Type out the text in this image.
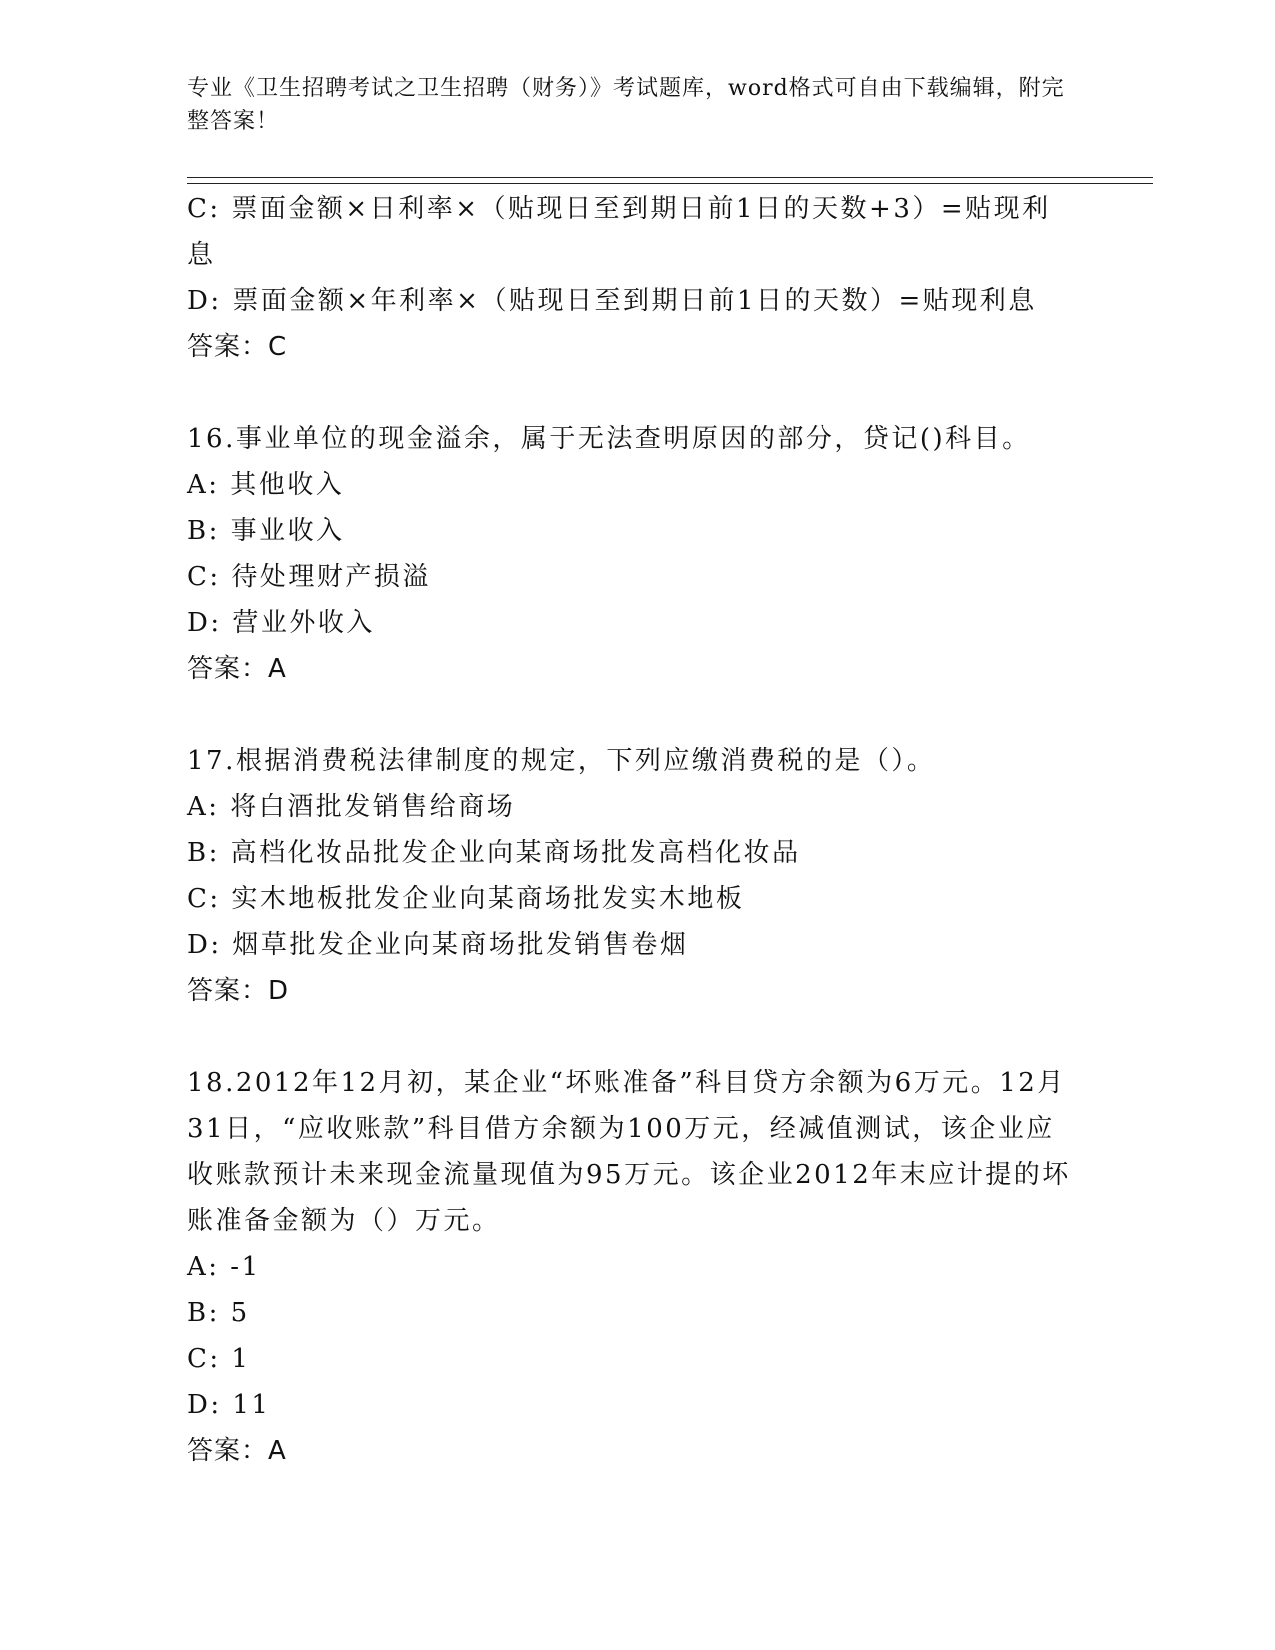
专业《卫生招聘考试之卫生招聘（财务）》考试题库，word格式可自由下载编辑，附完整答案！
C: 票面金额×日利率×（贴现日至到期日前1日的天数+3）=贴现利息
D: 票面金额×年利率×（贴现日至到期日前1日的天数）=贴现利息
答案：C
16.事业单位的现金溢余，属于无法查明原因的部分，贷记()科目。
A: 其他收入
B: 事业收入
C: 待处理财产损溢
D: 营业外收入
答案：A
17.根据消费税法律制度的规定，下列应缴消费税的是（）。
A: 将白酒批发销售给商场
B: 高档化妆品批发企业向某商场批发高档化妆品
C: 实木地板批发企业向某商场批发实木地板
D: 烟草批发企业向某商场批发销售卷烟
答案：D
18.2012年12月初，某企业“坏账准备”科目贷方余额为6万元。12月31日，“应收账款”科目借方余额为100万元，经减值测试，该企业应收账款预计未来现金流量现值为95万元。该企业2012年末应计提的坏账准备金额为（）万元。
A: -1
B: 5
C: 1
D: 11
答案：A
